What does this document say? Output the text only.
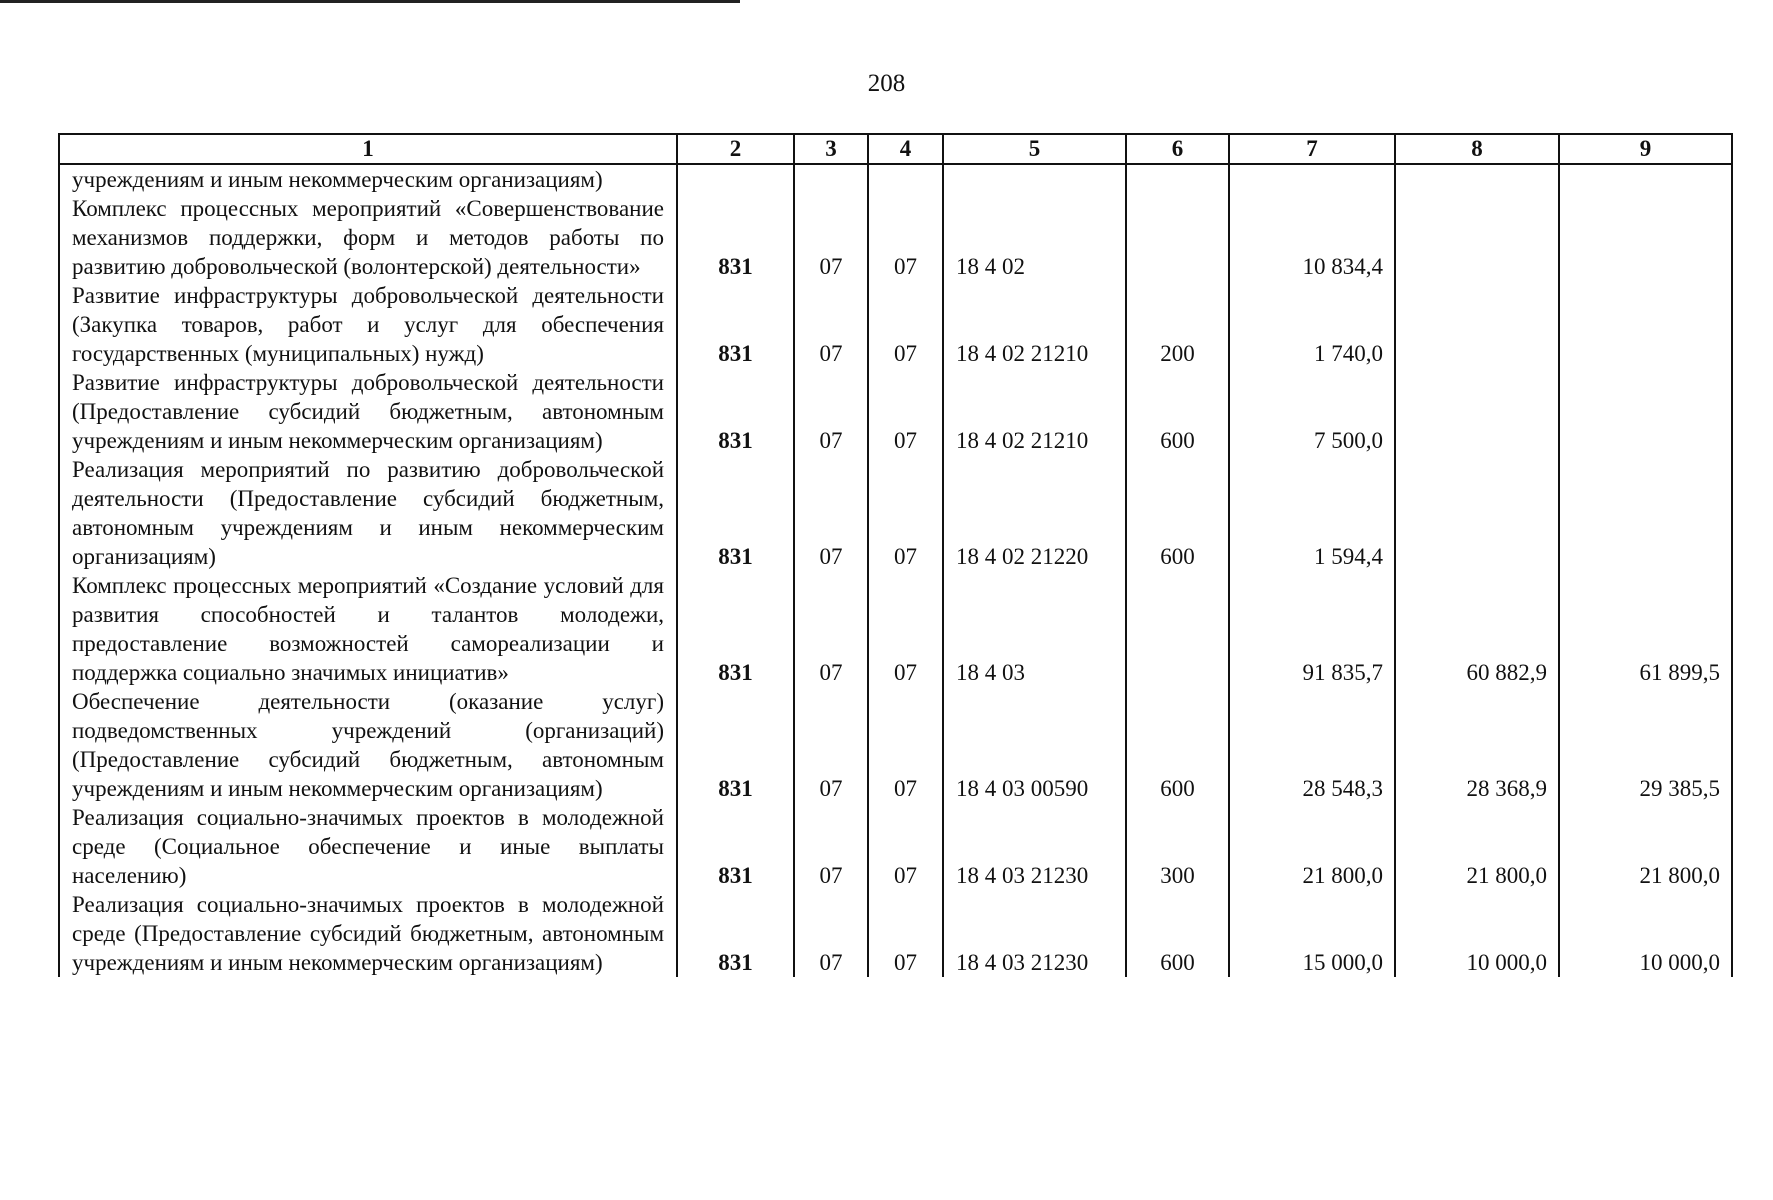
208
1	2	3	4	5	6	7	8	9
учреждениям и иным некоммерческим организациям)								
Комплекс процессных мероприятий «Совершенствование механизмов поддержки, форм и методов работы по развитию добровольческой (волонтерской) деятельности»	831	07	07	18 4 02		10 834,4		
Развитие инфраструктуры добровольческой деятельности (Закупка товаров, работ и услуг для обеспечения государственных (муниципальных) нужд)	831	07	07	18 4 02 21210	200	1 740,0		
Развитие инфраструктуры добровольческой деятельности (Предоставление субсидий бюджетным, автономным учреждениям и иным некоммерческим организациям)	831	07	07	18 4 02 21210	600	7 500,0		
Реализация мероприятий по развитию добровольческой деятельности (Предоставление субсидий бюджетным, автономным учреждениям и иным некоммерческим организациям)	831	07	07	18 4 02 21220	600	1 594,4		
Комплекс процессных мероприятий «Создание условий для развития способностей и талантов молодежи, предоставление возможностей самореализации и поддержка социально значимых инициатив»	831	07	07	18 4 03		91 835,7	60 882,9	61 899,5
Обеспечение деятельности (оказание услуг) подведомственных учреждений (организаций) (Предоставление субсидий бюджетным, автономным учреждениям и иным некоммерческим организациям)	831	07	07	18 4 03 00590	600	28 548,3	28 368,9	29 385,5
Реализация социально-значимых проектов в молодежной среде (Социальное обеспечение и иные выплаты населению)	831	07	07	18 4 03 21230	300	21 800,0	21 800,0	21 800,0
Реализация социально-значимых проектов в молодежной среде (Предоставление субсидий бюджетным, автономным учреждениям и иным некоммерческим организациям)	831	07	07	18 4 03 21230	600	15 000,0	10 000,0	10 000,0
